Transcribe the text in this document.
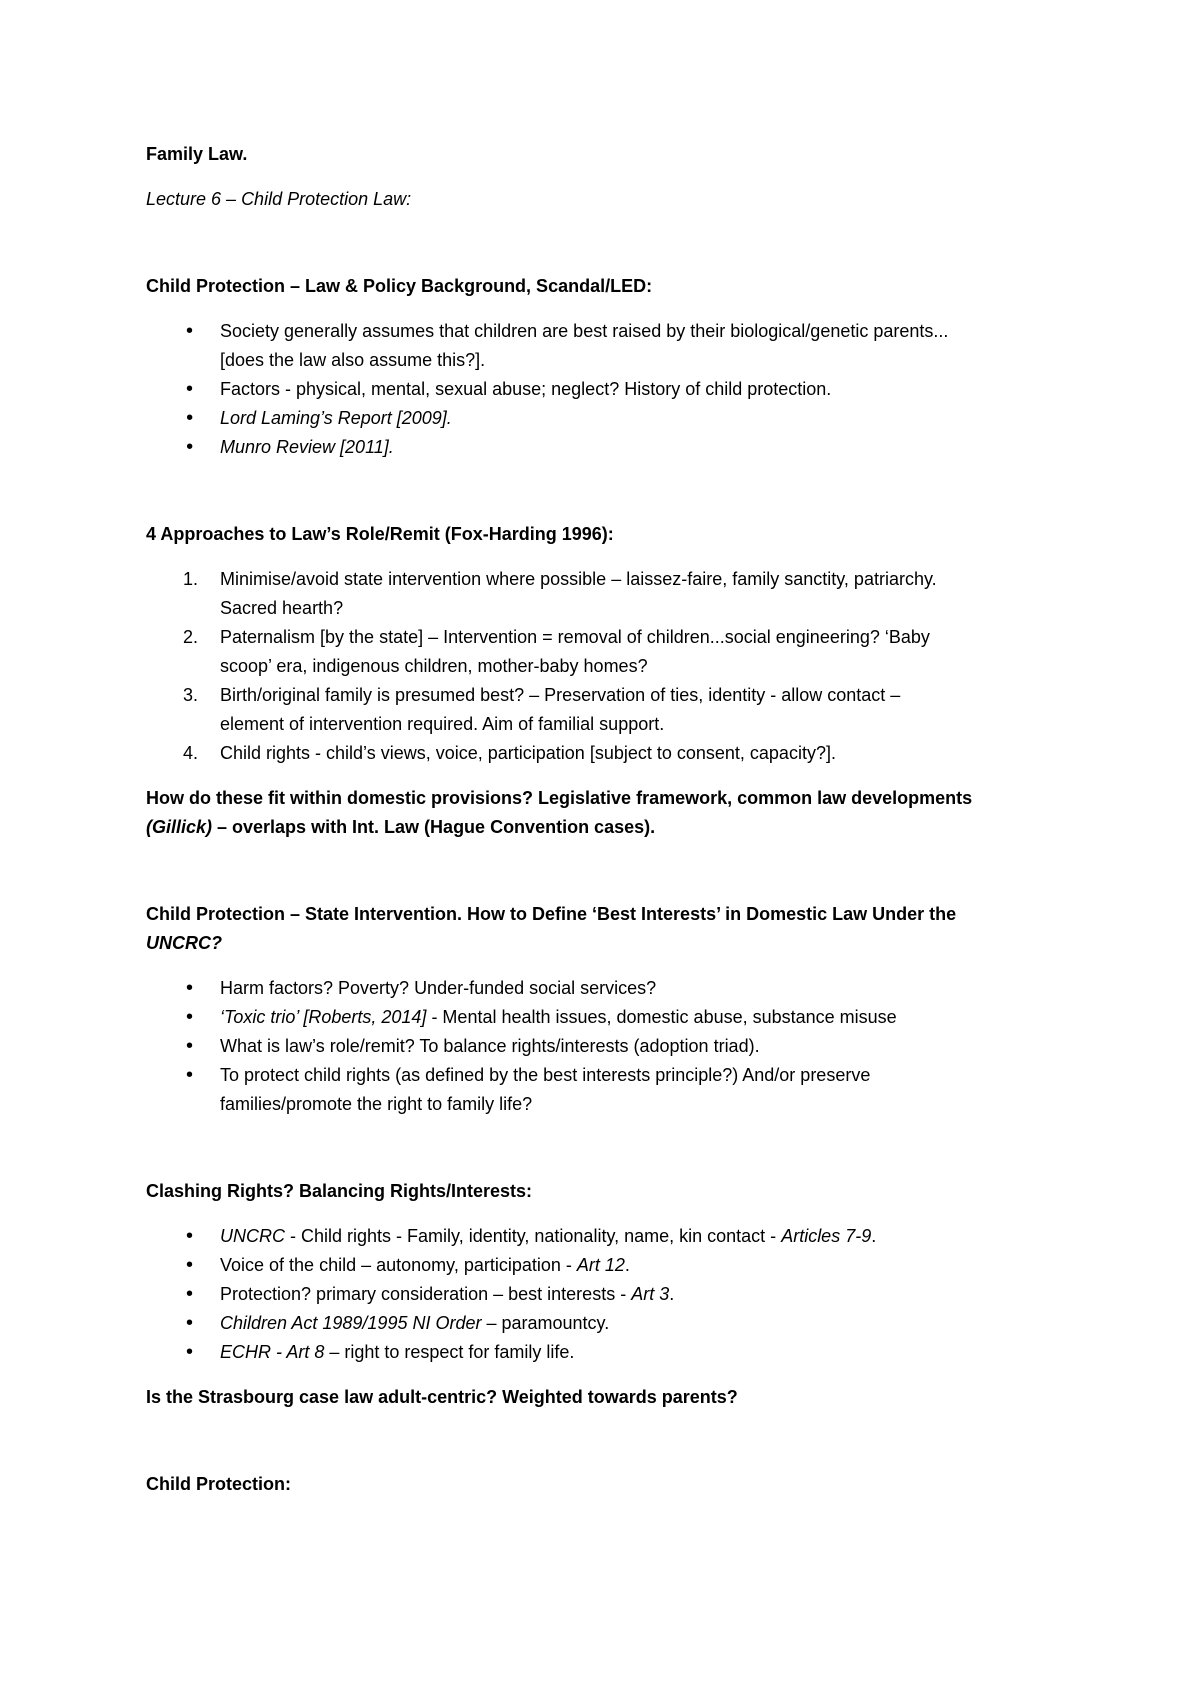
Family Law.

Lecture 6 – Child Protection Law:

Child Protection – Law & Policy Background, Scandal/LED:

• Society generally assumes that children are best raised by their biological/genetic parents...
[does the law also assume this?].
• Factors - physical, mental, sexual abuse; neglect? History of child protection.
• Lord Laming’s Report [2009].
• Munro Review [2011].

4 Approaches to Law’s Role/Remit (Fox-Harding 1996):

1. Minimise/avoid state intervention where possible – laissez-faire, family sanctity, patriarchy.
Sacred hearth?
2. Paternalism [by the state] – Intervention = removal of children...social engineering? ‘Baby
scoop’ era, indigenous children, mother-baby homes?
3. Birth/original family is presumed best? – Preservation of ties, identity - allow contact –
element of intervention required. Aim of familial support.
4. Child rights - child’s views, voice, participation [subject to consent, capacity?].

How do these fit within domestic provisions? Legislative framework, common law developments
(Gillick) – overlaps with Int. Law (Hague Convention cases).

Child Protection – State Intervention. How to Define ‘Best Interests’ in Domestic Law Under the
UNCRC?

• Harm factors? Poverty? Under-funded social services?
• ‘Toxic trio’ [Roberts, 2014] - Mental health issues, domestic abuse, substance misuse
• What is law’s role/remit? To balance rights/interests (adoption triad).
• To protect child rights (as defined by the best interests principle?) And/or preserve
families/promote the right to family life?

Clashing Rights? Balancing Rights/Interests:

• UNCRC - Child rights - Family, identity, nationality, name, kin contact - Articles 7-9.
• Voice of the child – autonomy, participation - Art 12.
• Protection? primary consideration – best interests - Art 3.
• Children Act 1989/1995 NI Order – paramountcy.
• ECHR - Art 8 – right to respect for family life.

Is the Strasbourg case law adult-centric? Weighted towards parents?

Child Protection:
